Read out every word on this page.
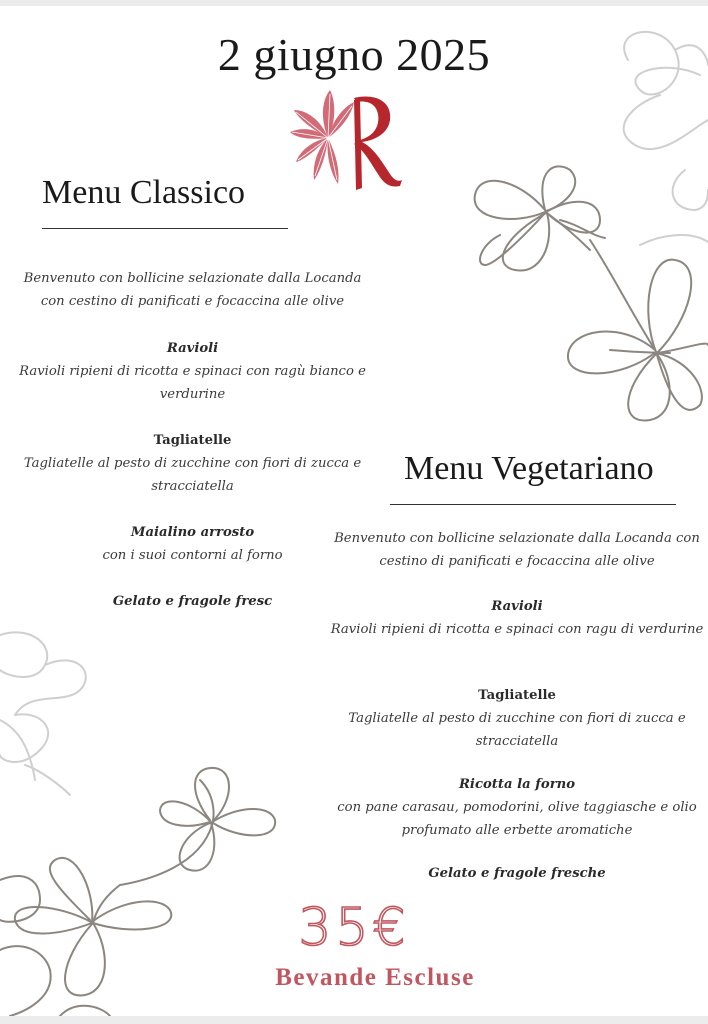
2 giugno 2025
Menu Classico
Benvenuto con bollicine selazionate dalla Locanda
con cestino di panificati e focaccina alle olive
Ravioli
Ravioli ripieni di ricotta e spinaci con ragù bianco e
verdurine
Tagliatelle
Tagliatelle al pesto di zucchine con fiori di zucca e
stracciatella
Maialino arrosto
con i suoi contorni al forno
Gelato e fragole fresc
Menu Vegetariano
Benvenuto con bollicine selazionate dalla Locanda con
cestino di panificati e focaccina alle olive
Ravioli
Ravioli ripieni di ricotta e spinaci con ragu di verdurine
Tagliatelle
Tagliatelle al pesto di zucchine con fiori di zucca e
stracciatella
Ricotta la forno
con pane carasau, pomodorini, olive taggiasche e olio
profumato alle erbette aromatiche
Gelato e fragole fresche
35€
Bevande Escluse
